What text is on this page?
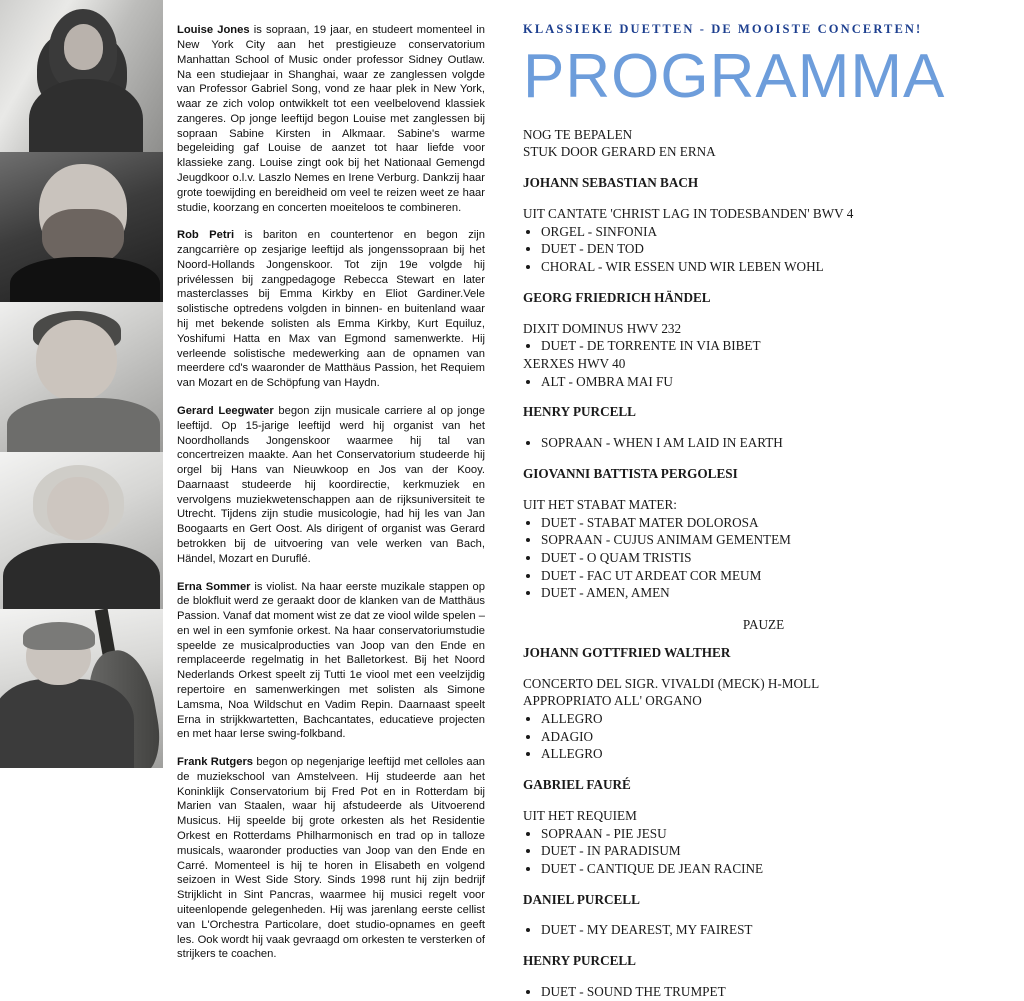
Louise Jones is sopraan, 19 jaar, en studeert momenteel in New York City aan het prestigieuze conservatorium Manhattan School of Music onder professor Sidney Outlaw. Na een studiejaar in Shanghai, waar ze zanglessen volgde van Professor Gabriel Song, vond ze haar plek in New York, waar ze zich volop ontwikkelt tot een veelbelovend klassiek zangeres. Op jonge leeftijd begon Louise met zanglessen bij sopraan Sabine Kirsten in Alkmaar. Sabine's warme begeleiding gaf Louise de aanzet tot haar liefde voor klassieke zang. Louise zingt ook bij het Nationaal Gemengd Jeugdkoor o.l.v. Laszlo Nemes en Irene Verburg. Dankzij haar grote toewijding en bereidheid om veel te reizen weet ze haar studie, koorzang en concerten moeiteloos te combineren.

Rob Petri is bariton en countertenor en begon zijn zangcarrière op zesjarige leeftijd als jongenssopraan bij het Noord-Hollands Jongenskoor. Tot zijn 19e volgde hij privélessen bij zangpedagoge Rebecca Stewart en later masterclasses bij Emma Kirkby en Eliot Gardiner.Vele solistische optredens volgden in binnen- en buitenland waar hij met bekende solisten als Emma Kirkby, Kurt Equiluz, Yoshifumi Hatta en Max van Egmond samenwerkte. Hij verleende solistische medewerking aan de opnamen van meerdere cd's waaronder de Matthäus Passion, het Requiem van Mozart en de Schöpfung van Haydn.

Gerard Leegwater begon zijn musicale carriere al op jonge leeftijd. Op 15-jarige leeftijd werd hij organist van het Noordhollands Jongenskoor waarmee hij tal van concertreizen maakte. Aan het Conservatorium studeerde hij orgel bij Hans van Nieuwkoop en Jos van der Kooy. Daarnaast studeerde hij koordirectie, kerkmuziek en vervolgens muziekwetenschappen aan de rijksuniversiteit te Utrecht. Tijdens zijn studie musicologie, had hij les van Jan Boogaarts en Gert Oost. Als dirigent of organist was Gerard betrokken bij de uitvoering van vele werken van Bach, Händel, Mozart en Duruflé.

Erna Sommer is violist. Na haar eerste muzikale stappen op de blokfluit werd ze geraakt door de klanken van de Matthäus Passion. Vanaf dat moment wist ze dat ze viool wilde spelen – en wel in een symfonie orkest. Na haar conservatoriumstudie speelde ze musicalproducties van Joop van den Ende en remplaceerde regelmatig in het Balletorkest. Bij het Noord Nederlands Orkest speelt zij Tutti 1e viool met een veelzijdig repertoire en samenwerkingen met solisten als Simone Lamsma, Noa Wildschut en Vadim Repin. Daarnaast speelt Erna in strijkkwartetten, Bachcantates, educatieve projecten en met haar Ierse swing-folkband.

Frank Rutgers begon op negenjarige leeftijd met celloles aan de muziekschool van Amstelveen. Hij studeerde aan het Koninklijk Conservatorium bij Fred Pot en in Rotterdam bij Marien van Staalen, waar hij afstudeerde als Uitvoerend Musicus. Hij speelde bij grote orkesten als het Residentie Orkest en Rotterdams Philharmonisch en trad op in talloze musicals, waaronder producties van Joop van den Ende en Carré. Momenteel is hij te horen in Elisabeth en volgend seizoen in West Side Story. Sinds 1998 runt hij zijn bedrijf Strijklicht in Sint Pancras, waarmee hij musici regelt voor uiteenlopende gelegenheden. Hij was jarenlang eerste cellist van L'Orchestra Particolare, doet studio-opnames en geeft les. Ook wordt hij vaak gevraagd om orkesten te versterken of strijkers te coachen.

KLASSIEKE DUETTEN - DE MOOISTE CONCERTEN!
PROGRAMMA

NOG TE BEPALEN

STUK DOOR GERARD EN ERNA

JOHANN SEBASTIAN BACH

UIT CANTATE 'CHRIST LAG IN TODESBANDEN' BWV 4

• ORGEL - SINFONIA
• DUET - DEN TOD
• CHORAL - WIR ESSEN UND WIR LEBEN WOHL

GEORG FRIEDRICH HÄNDEL

DIXIT DOMINUS HWV 232

• DUET - DE TORRENTE IN VIA BIBET

XERXES HWV 40

• ALT - OMBRA MAI FU

HENRY PURCELL

• SOPRAAN - WHEN I AM LAID IN EARTH

GIOVANNI BATTISTA PERGOLESI

UIT HET STABAT MATER:

• DUET - STABAT MATER DOLOROSA
• SOPRAAN - CUJUS ANIMAM GEMENTEM
• DUET - O QUAM TRISTIS
• DUET - FAC UT ARDEAT COR MEUM
• DUET - AMEN, AMEN

PAUZE

JOHANN GOTTFRIED WALTHER

CONCERTO DEL SIGR. VIVALDI (MECK) H-MOLL

APPROPRIATO ALL' ORGANO

• ALLEGRO
• ADAGIO
• ALLEGRO

GABRIEL FAURÉ

UIT HET REQUIEM

• SOPRAAN - PIE JESU
• DUET - IN PARADISUM
• DUET - CANTIQUE DE JEAN RACINE

DANIEL PURCELL

• DUET - MY DEAREST, MY FAIREST

HENRY PURCELL

• DUET - SOUND THE TRUMPET
